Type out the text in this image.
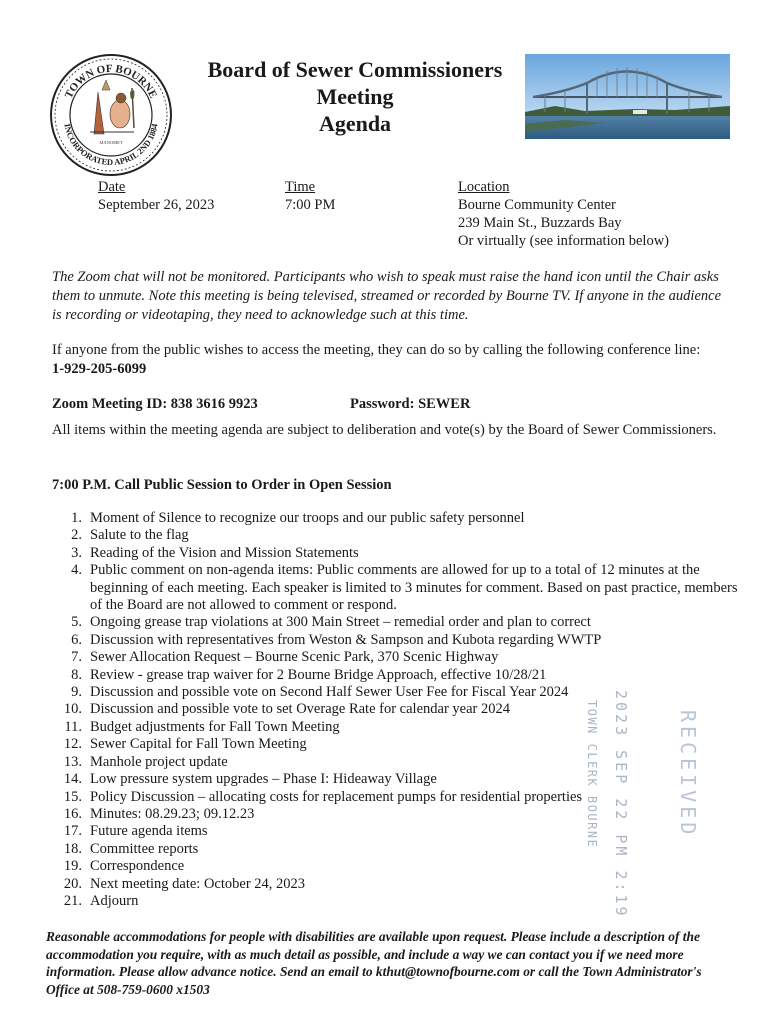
TOWN OF BOURNE
INCORPORATED APRIL 2ND 1884
MANOMET
Board of Sewer Commissioners
Meeting
Agenda
Date
September 26, 2023
Time
7:00 PM
Location
Bourne Community Center
239 Main St., Buzzards Bay
Or virtually (see information below)
The Zoom chat will not be monitored. Participants who wish to speak must raise the hand icon until the Chair asks them to unmute. Note this meeting is being televised, streamed or recorded by Bourne TV. If anyone in the audience is recording or videotaping, they need to acknowledge such at this time.
If anyone from the public wishes to access the meeting, they can do so by calling the following conference line:
1-929-205-6099
Zoom Meeting ID: 838 3616 9923	Password: SEWER
All items within the meeting agenda are subject to deliberation and vote(s) by the Board of Sewer Commissioners.
7:00 P.M. Call Public Session to Order in Open Session
1. Moment of Silence to recognize our troops and our public safety personnel
2. Salute to the flag
3. Reading of the Vision and Mission Statements
4. Public comment on non-agenda items: Public comments are allowed for up to a total of 12 minutes at the beginning of each meeting. Each speaker is limited to 3 minutes for comment. Based on past practice, members of the Board are not allowed to comment or respond.
5. Ongoing grease trap violations at 300 Main Street – remedial order and plan to correct
6. Discussion with representatives from Weston & Sampson and Kubota regarding WWTP
7. Sewer Allocation Request – Bourne Scenic Park, 370 Scenic Highway
8. Review - grease trap waiver for 2 Bourne Bridge Approach, effective 10/28/21
9. Discussion and possible vote on Second Half Sewer User Fee for Fiscal Year 2024
10. Discussion and possible vote to set Overage Rate for calendar year 2024
11. Budget adjustments for Fall Town Meeting
12. Sewer Capital for Fall Town Meeting
13. Manhole project update
14. Low pressure system upgrades – Phase I: Hideaway Village
15. Policy Discussion – allocating costs for replacement pumps for residential properties
16. Minutes: 08.29.23; 09.12.23
17. Future agenda items
18. Committee reports
19. Correspondence
20. Next meeting date: October 24, 2023
21. Adjourn
TOWN CLERK BOURNE 2023 SEP 22 PM 2:19 RECEIVED
Reasonable accommodations for people with disabilities are available upon request. Please include a description of the accommodation you require, with as much detail as possible, and include a way we can contact you if we need more information. Please allow advance notice. Send an email to kthut@townofbourne.com or call the Town Administrator's Office at 508-759-0600 x1503
